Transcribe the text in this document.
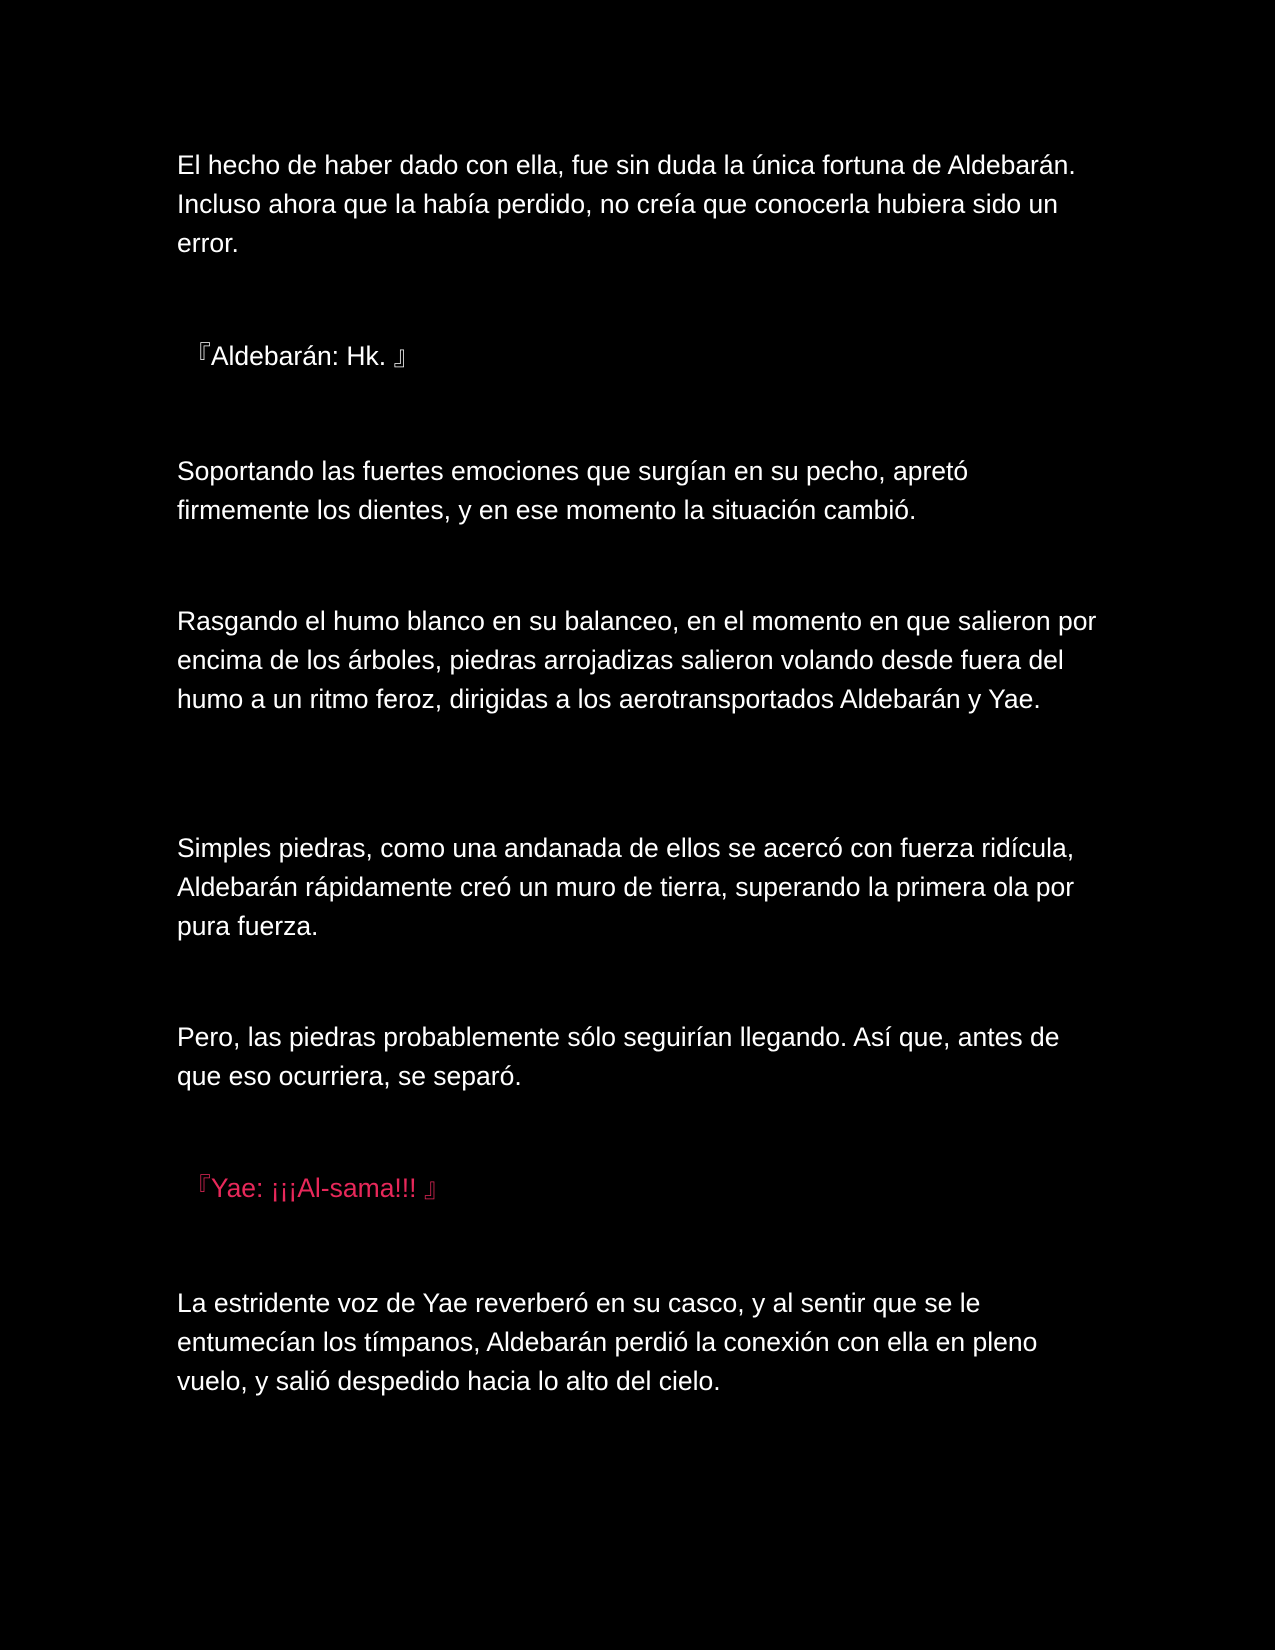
El hecho de haber dado con ella, fue sin duda la única fortuna de Aldebarán. Incluso ahora que la había perdido, no creía que conocerla hubiera sido un error.

『Aldebarán: Hk. 』

Soportando las fuertes emociones que surgían en su pecho, apretó firmemente los dientes, y en ese momento la situación cambió.

Rasgando el humo blanco en su balanceo, en el momento en que salieron por encima de los árboles, piedras arrojadizas salieron volando desde fuera del humo a un ritmo feroz, dirigidas a los aerotransportados Aldebarán y Yae.

Simples piedras, como una andanada de ellos se acercó con fuerza ridícula, Aldebarán rápidamente creó un muro de tierra, superando la primera ola por pura fuerza.

Pero, las piedras probablemente sólo seguirían llegando. Así que, antes de que eso ocurriera, se separó.

『Yae: ¡¡¡Al-sama!!! 』

La estridente voz de Yae reverberó en su casco, y al sentir que se le entumecían los tímpanos, Aldebarán perdió la conexión con ella en pleno vuelo, y salió despedido hacia lo alto del cielo.
